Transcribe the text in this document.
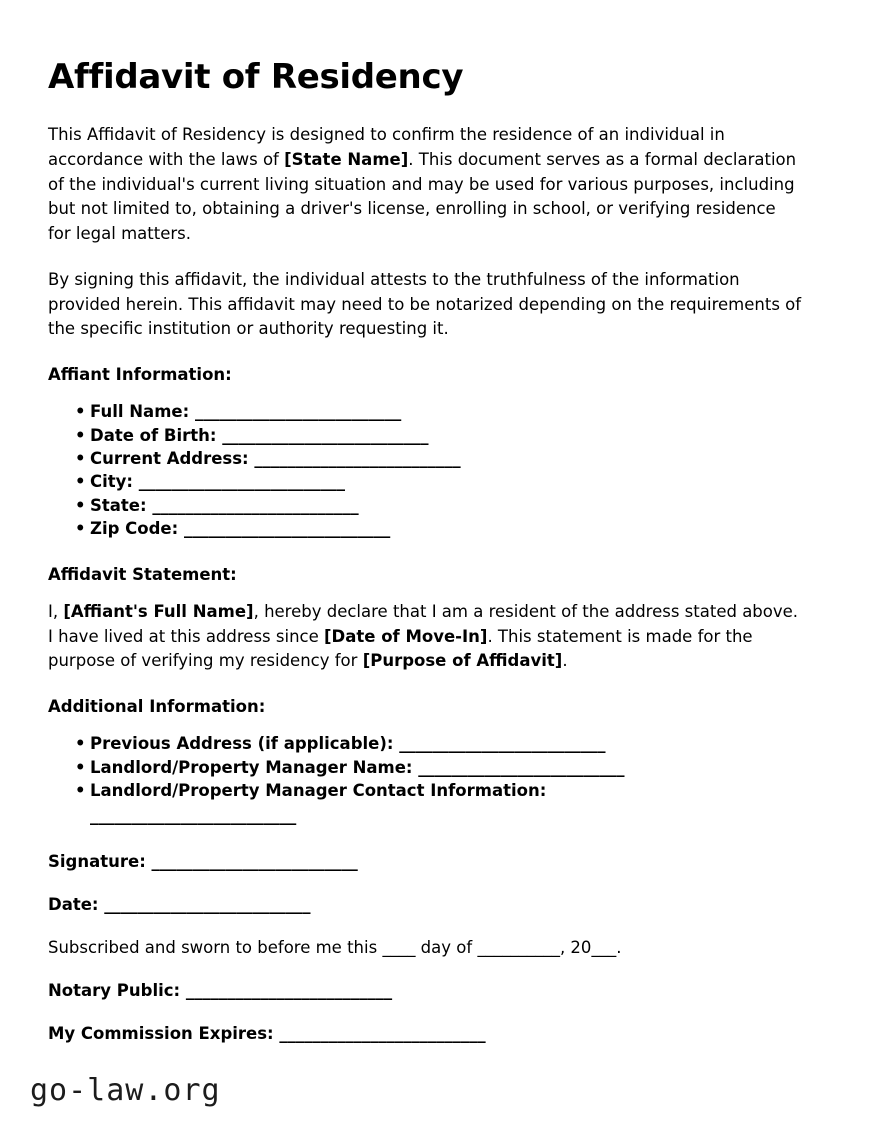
Affidavit of Residency

This Affidavit of Residency is designed to confirm the residence of an individual in accordance with the laws of [State Name]. This document serves as a formal declaration of the individual's current living situation and may be used for various purposes, including but not limited to, obtaining a driver's license, enrolling in school, or verifying residence for legal matters.

By signing this affidavit, the individual attests to the truthfulness of the information provided herein. This affidavit may need to be notarized depending on the requirements of the specific institution or authority requesting it.

Affiant Information:
• Full Name: _________________________
• Date of Birth: _________________________
• Current Address: _________________________
• City: _________________________
• State: _________________________
• Zip Code: _________________________
Affidavit Statement:

I, [Affiant's Full Name], hereby declare that I am a resident of the address stated above. I have lived at this address since [Date of Move-In]. This statement is made for the purpose of verifying my residency for [Purpose of Affidavit].

Additional Information:
• Previous Address (if applicable): _________________________
• Landlord/Property Manager Name: _________________________
• Landlord/Property Manager Contact Information:
_________________________
Signature: _________________________
Date: _________________________
Subscribed and sworn to before me this ____ day of __________, 20___.
Notary Public: _________________________
My Commission Expires: _________________________
go-law.org
